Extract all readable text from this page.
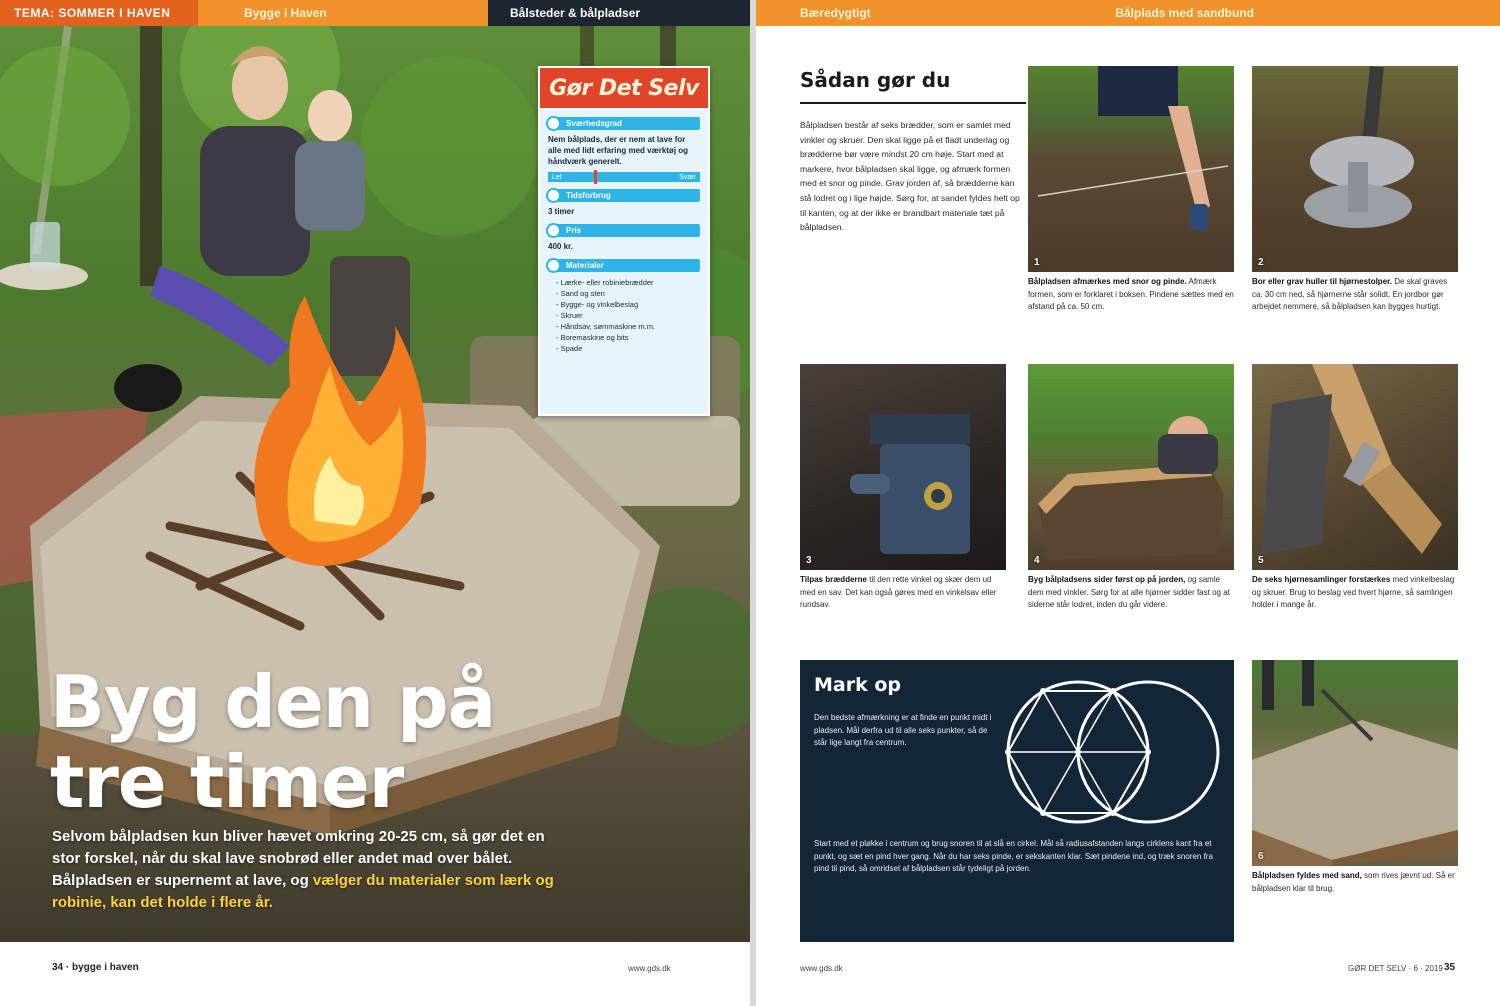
TEMA: SOMMER I HAVEN	Bygge i Haven	Bålsteder & bålpladser
Byg den på tre timer
Selvom bålpladsen kun bliver hævet omkring 20-25 cm, så gør det en stor forskel, når du skal lave snobrød eller andet mad over bålet. Bålpladsen er supernemt at lave, og vælger du materialer som lærk og robinie, kan det holde i flere år.
Gør Det Selv
Sværhedsgrad
Nem bålplads, der er nem at lave for alle med lidt erfaring med værktøj og håndværk generelt.
Let	Svær
Tidsforbrug
3 timer
Pris
400 kr.
Materialer
- Lærke- eller robiniebrædder
- Sand og sten
- Bygge- og vinkelbeslag
- Skruer
- Håndsav, sømmaskine m.m.
- Boremaskine og bits
- Spade
34 · bygge i haven	www.gds.dk
Bæredygtigt	Bålplads med sandbund
Sådan gør du
Bålpladsen består af seks brædder, som er samlet med vinkler og skruer. Den skal ligge på et fladt underlag og brædderne bør være mindst 20 cm høje. Start med at markere, hvor bålpladsen skal ligge, og afmærk formen med et snor og pinde. Grav jorden af, så brædderne kan stå lodret og i lige højde. Sørg for, at sandet fyldes helt op til kanten, og at der ikke er brandbart materiale tæt på bålpladsen.
1
Bålpladsen afmærkes med snor og pinde. Afmærk formen, som er forklaret i boksen. Pindene sættes med en afstand på ca. 50 cm.
2
Bor eller grav huller til hjørnestolper. De skal graves ca. 30 cm ned, så hjørnerne står solidt. En jordbor gør arbejdet nemmere, så bålpladsen kan bygges hurtigt.
3
Tilpas brædderne til den rette vinkel og skær dem ud med en sav. Det kan også gøres med en vinkelsav eller rundsav.
4
Byg bålpladsens sider først op på jorden, og samle dem med vinkler. Sørg for at alle hjørner sidder fast og at siderne står lodret, inden du går videre.
5
De seks hjørnesamlinger forstærkes med vinkelbeslag og skruer. Brug to beslag ved hvert hjørne, så samlingen holder i mange år.
Mark op
Den bedste afmærkning er at finde en punkt midt i pladsen. Mål derfra ud til alle seks punkter, så de står lige langt fra centrum.
Start med et pløkke i centrum og brug snoren til at slå en cirkel. Mål så radiusafstanden langs cirklens kant fra et punkt, og sæt en pind hver gang. Når du har seks pinde, er sekskanten klar. Sæt pindene ind, og træk snoren fra pind til pind, så omridset af bålpladsen står tydeligt på jorden.
6
Bålpladsen fyldes med sand, som rives jævnt ud. Så er bålpladsen klar til brug.
www.gds.dk	GØR DET SELV · 6 · 2019 35
